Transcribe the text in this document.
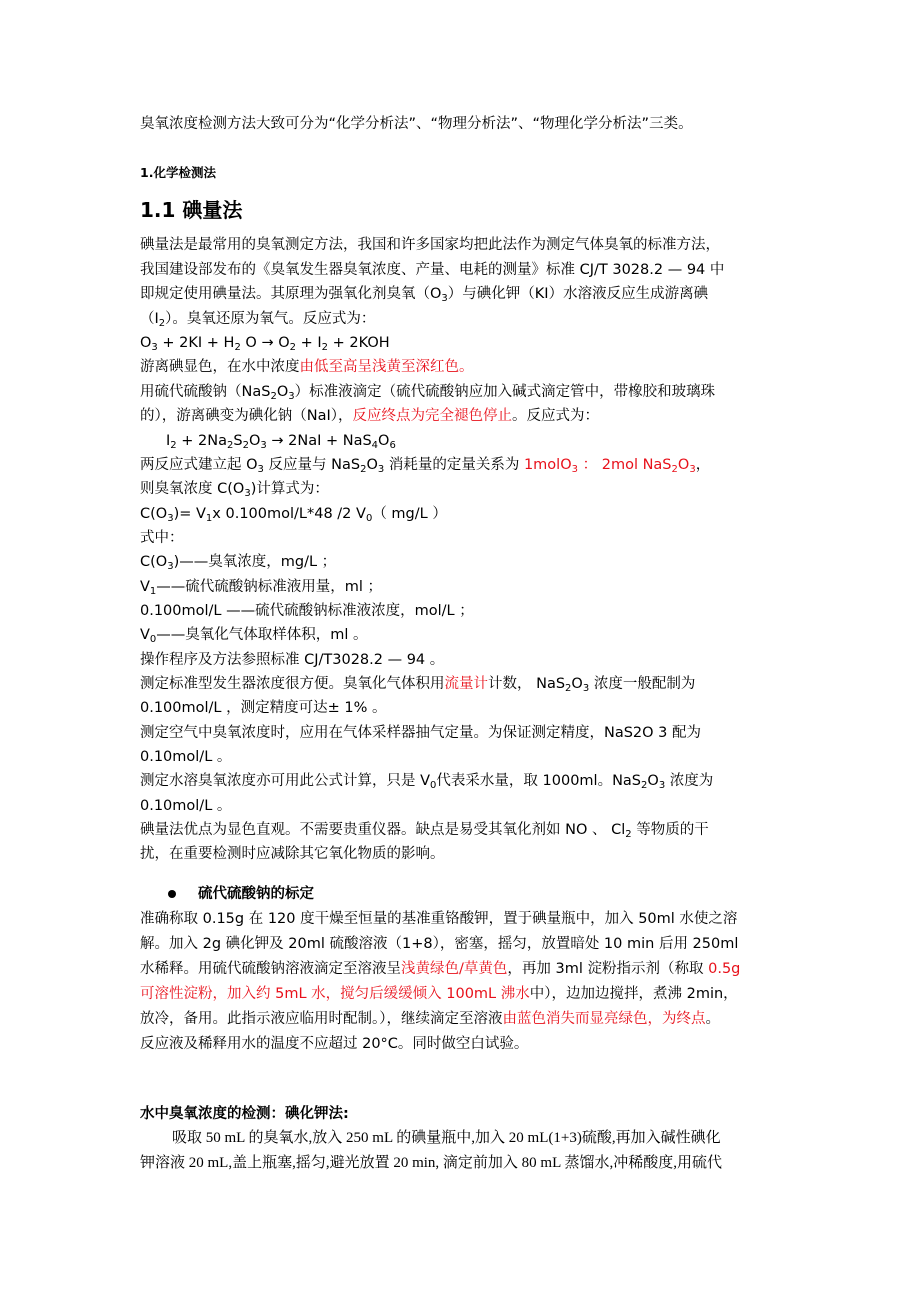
臭氧浓度检测方法大致可分为“化学分析法”、“物理分析法”、“物理化学分析法”三类。
1.化学检测法
1.1 碘量法
碘量法是最常用的臭氧测定方法，我国和许多国家均把此法作为测定气体臭氧的标准方法，
我国建设部发布的《臭氧发生器臭氧浓度、产量、电耗的测量》标准 CJ/T 3028.2 — 94 中
即规定使用碘量法。其原理为强氧化剂臭氧$(O_3)$与碘化钾（KI）水溶液反应生成游离碘
$(I_2)$。臭氧还原为氧气。反应式为：
$O_3 + 2KI + H_2$ $O \to O_2 + I_2 + 2KOH$
游离碘显色，在水中浓度由低至高呈浅黄至深红色。
用硫代硫酸钠$(NaS_2O_3)$标准液滴定（硫代硫酸钠应加入碱式滴定管中，带橡胶和玻璃珠
的），游离碘变为碘化钠（NaI），反应终点为完全褪色停止。反应式为：
$I_2 + 2Na_2S_2O_3 \to 2NaI + NaS_4O_6$
两反应式建立起 $O_3$ 反应量与 $NaS_2O_3$ 消耗量的定量关系为 1molO$_3$ ： 2mol $NaS_2O_3$，
则臭氧浓度 $C(O_3)$计算式为：
$C(O_3)= V_1x$ 0.100mol/L*48 /2 $V_0$（ mg/L ）
式中：
$C(O_3)——$臭氧浓度，mg/L ；
$V_1——$硫代硫酸钠标准液用量，ml ；
0.100mol/L ——硫代硫酸钠标准液浓度，mol/L ；
$V_0——$臭氧化气体取样体积，ml 。
操作程序及方法参照标准 CJ/T3028.2 — 94 。
测定标准型发生器浓度很方便。臭氧化气体积用流量计计数， $NaS_2O_3$ 浓度一般配制为
0.100mol/L ，测定精度可达± 1% 。
测定空气中臭氧浓度时，应用在气体采样器抽气定量。为保证测定精度，NaS2O 3 配为
0.10mol/L 。
测定水溶臭氧浓度亦可用此公式计算，只是 $V_0$代表采水量，取 1000ml。$NaS_2O_3$ 浓度为
0.10mol/L 。
碘量法优点为显色直观。不需要贵重仪器。缺点是易受其氧化剂如 NO 、 $Cl_2$ 等物质的干
扰，在重要检测时应减除其它氧化物质的影响。
硫代硫酸钠的标定
准确称取 0.15g 在 120 度干燥至恒量的基准重铬酸钾，置于碘量瓶中，加入 50ml 水使之溶
解。加入 2g 碘化钾及 20ml 硫酸溶液（1+8），密塞，摇匀，放置暗处 10 min 后用 250ml
水稀释。用硫代硫酸钠溶液滴定至溶液呈浅黄绿色/草黄色，再加 3ml 淀粉指示剂（称取 0.5g
可溶性淀粉，加入约 5mL 水，搅匀后缓缓倾入 100mL 沸水中），边加边搅拌，煮沸 2min，
放冷，备用。此指示液应临用时配制。），继续滴定至溶液由蓝色消失而显亮绿色，为终点。
反应液及稀释用水的温度不应超过 20°C。同时做空白试验。
水中臭氧浓度的检测：碘化钾法:
吸取 50 mL 的臭氧水,放入 250 mL 的碘量瓶中,加入 20 mL(1+3)硫酸,再加入碱性碘化
钾溶液 20 mL,盖上瓶塞,摇匀,避光放置 20 min, 滴定前加入 80 mL 蒸馏水,冲稀酸度,用硫代
